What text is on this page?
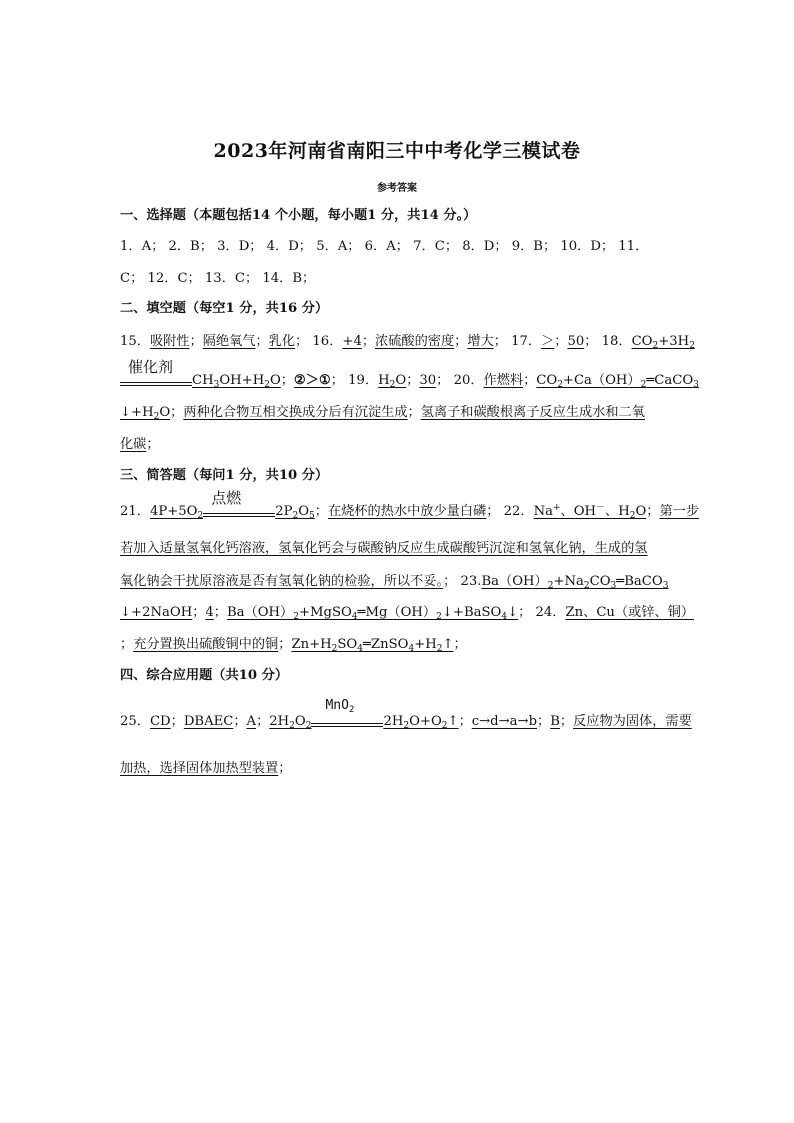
2023年河南省南阳三中中考化学三模试卷
参考答案
一、选择题（本题包括14 个小题，每小题1 分，共14 分。）
1．A； 2．B； 3．D； 4．D； 5．A； 6．A； 7．C； 8．D； 9．B； 10．D； 11．
C； 12．C； 13．C； 14．B；
二、填空题（每空1 分，共16 分）
15．吸附性；隔绝氧气；乳化； 16．+4；浓硫酸的密度；增大； 17．＞；50； 18．$CO_2+3H_2$
催化剂
$CH_3OH+H_2O$；②＞①； 19．$H_2O$；30； 20．作燃料；$CO_2+Ca(OH)_2═CaCO_3$
$↓+H_2O$；两种化合物互相交换成分后有沉淀生成；氢离子和碳酸根离子反应生成水和二氧
化碳；
三、简答题（每问1 分，共10 分）
21．$4P+5O_2$
点燃
$2P_2O_5$；在烧杯的热水中放少量白磷； 22．Na+、OH－、$H_2O$；第一步
若加入适量氢氧化钙溶液，氢氧化钙会与碳酸钠反应生成碳酸钙沉淀和氢氧化钠，生成的氢
氧化钠会干扰原溶液是否有氢氧化钠的检验，所以不妥。； $23.Ba(OH)_2+Na_2CO_3═BaCO_3$
↓+2NaOH；4；$Ba(OH)_2+MgSO_4═Mg(OH)_2↓+BaSO_4↓$； 24．Zn、Cu（或锌、铜）
；充分置换出硫酸铜中的铜；$Zn+H_2SO_4═ZnSO_4+H_2↑$；
四、综合应用题（共10 分）
25．CD；DBAEC；A；$2H_2O_2$
MnO$_2$
$2H_2O+O_2↑$；c→d→a→b；B；反应物为固体，需要
加热，选择固体加热型装置；
